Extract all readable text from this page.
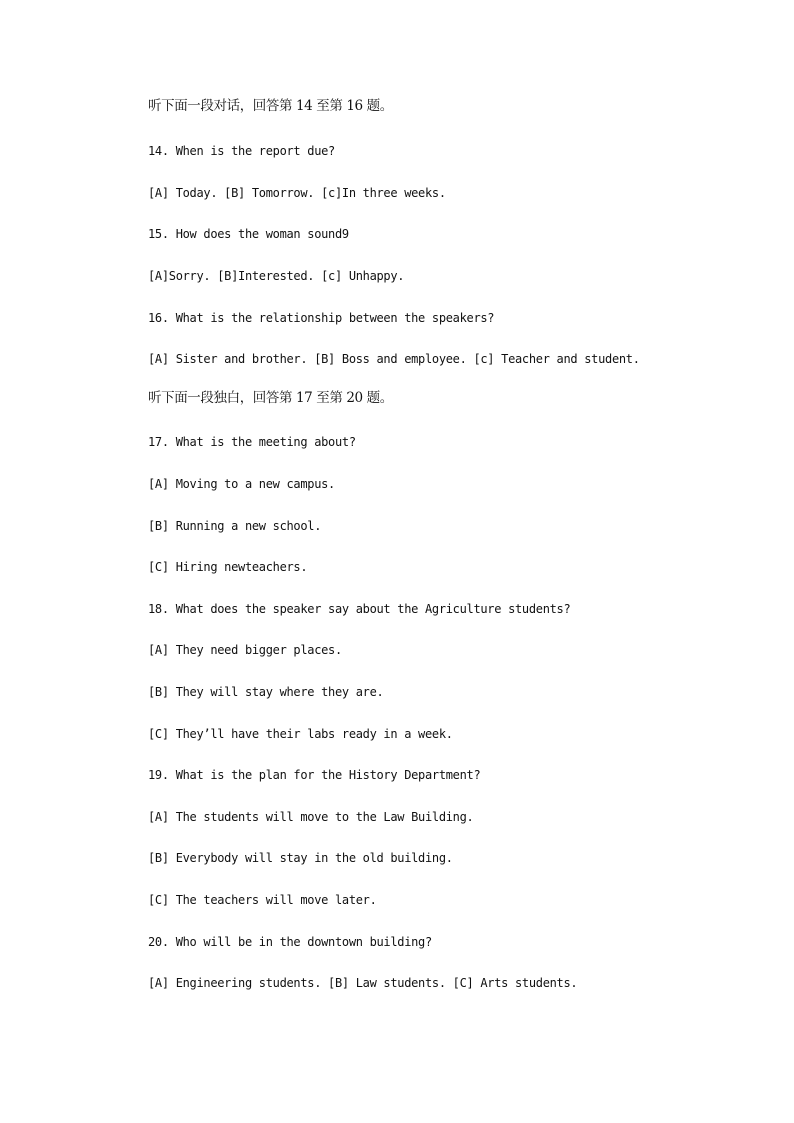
听下面一段对话，回答第 14 至第 16 题。
14. When is the report due?
[A] Today. [B] Tomorrow. [c]In three weeks.
15. How does the woman sound9
[A]Sorry. [B]Interested. [c] Unhappy.
16. What is the relationship between the speakers?
[A] Sister and brother. [B] Boss and employee. [c] Teacher and student.
听下面一段独白，回答第 17 至第 20 题。
17. What is the meeting about?
[A] Moving to a new campus.
[B] Running a new school.
[C] Hiring newteachers.
18. What does the speaker say about the Agriculture students?
[A] They need bigger places.
[B] They will stay where they are.
[C] They’ll have their labs ready in a week.
19. What is the plan for the History Department?
[A] The students will move to the Law Building.
[B] Everybody will stay in the old building.
[C] The teachers will move later.
20. Who will be in the downtown building?
[A] Engineering students. [B] Law students. [C] Arts students.
